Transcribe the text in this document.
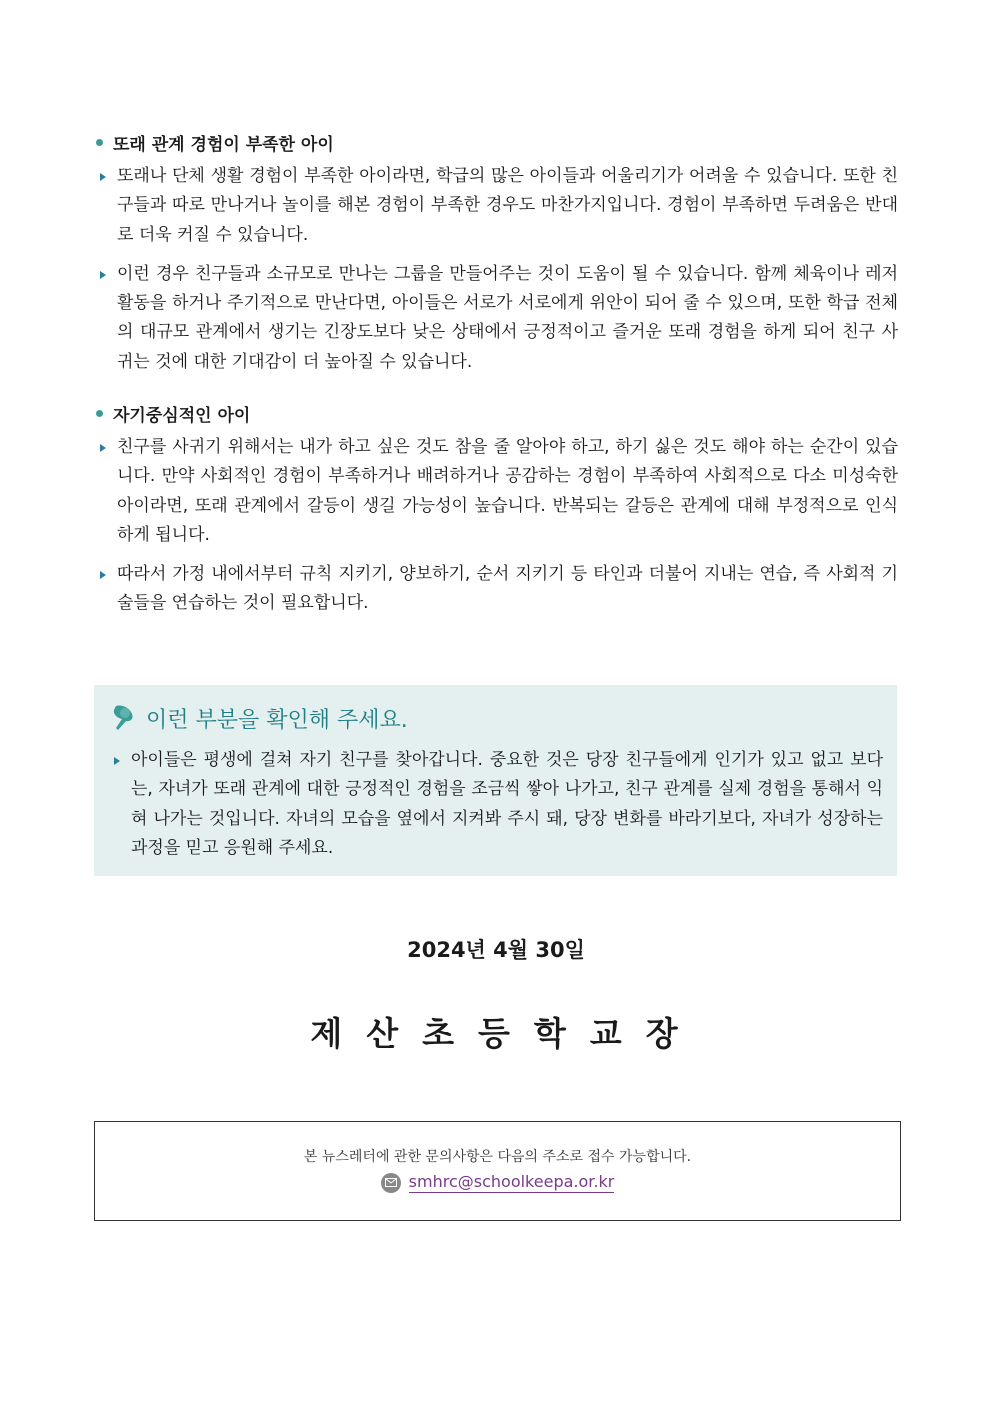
또래 관계 경험이 부족한 아이
또래나 단체 생활 경험이 부족한 아이라면, 학급의 많은 아이들과 어울리기가 어려울 수 있습니다. 또한 친구들과 따로 만나거나 놀이를 해본 경험이 부족한 경우도 마찬가지입니다. 경험이 부족하면 두려움은 반대로 더욱 커질 수 있습니다.
이런 경우 친구들과 소규모로 만나는 그룹을 만들어주는 것이 도움이 될 수 있습니다. 함께 체육이나 레저활동을 하거나 주기적으로 만난다면, 아이들은 서로가 서로에게 위안이 되어 줄 수 있으며, 또한 학급 전체의 대규모 관계에서 생기는 긴장도보다 낮은 상태에서 긍정적이고 즐거운 또래 경험을 하게 되어 친구 사귀는 것에 대한 기대감이 더 높아질 수 있습니다.
자기중심적인 아이
친구를 사귀기 위해서는 내가 하고 싶은 것도 참을 줄 알아야 하고, 하기 싫은 것도 해야 하는 순간이 있습니다. 만약 사회적인 경험이 부족하거나 배려하거나 공감하는 경험이 부족하여 사회적으로 다소 미성숙한 아이라면, 또래 관계에서 갈등이 생길 가능성이 높습니다. 반복되는 갈등은 관계에 대해 부정적으로 인식하게 됩니다.
따라서 가정 내에서부터 규칙 지키기, 양보하기, 순서 지키기 등 타인과 더불어 지내는 연습, 즉 사회적 기술들을 연습하는 것이 필요합니다.
이런 부분을 확인해 주세요.
아이들은 평생에 걸쳐 자기 친구를 찾아갑니다. 중요한 것은 당장 친구들에게 인기가 있고 없고 보다는, 자녀가 또래 관계에 대한 긍정적인 경험을 조금씩 쌓아 나가고, 친구 관계를 실제 경험을 통해서 익혀 나가는 것입니다. 자녀의 모습을 옆에서 지켜봐 주시 돼, 당장 변화를 바라기보다, 자녀가 성장하는 과정을 믿고 응원해 주세요.
2024년 4월 30일
제산초등학교장
본 뉴스레터에 관한 문의사항은 다음의 주소로 접수 가능합니다.
smhrc@schoolkeepa.or.kr
